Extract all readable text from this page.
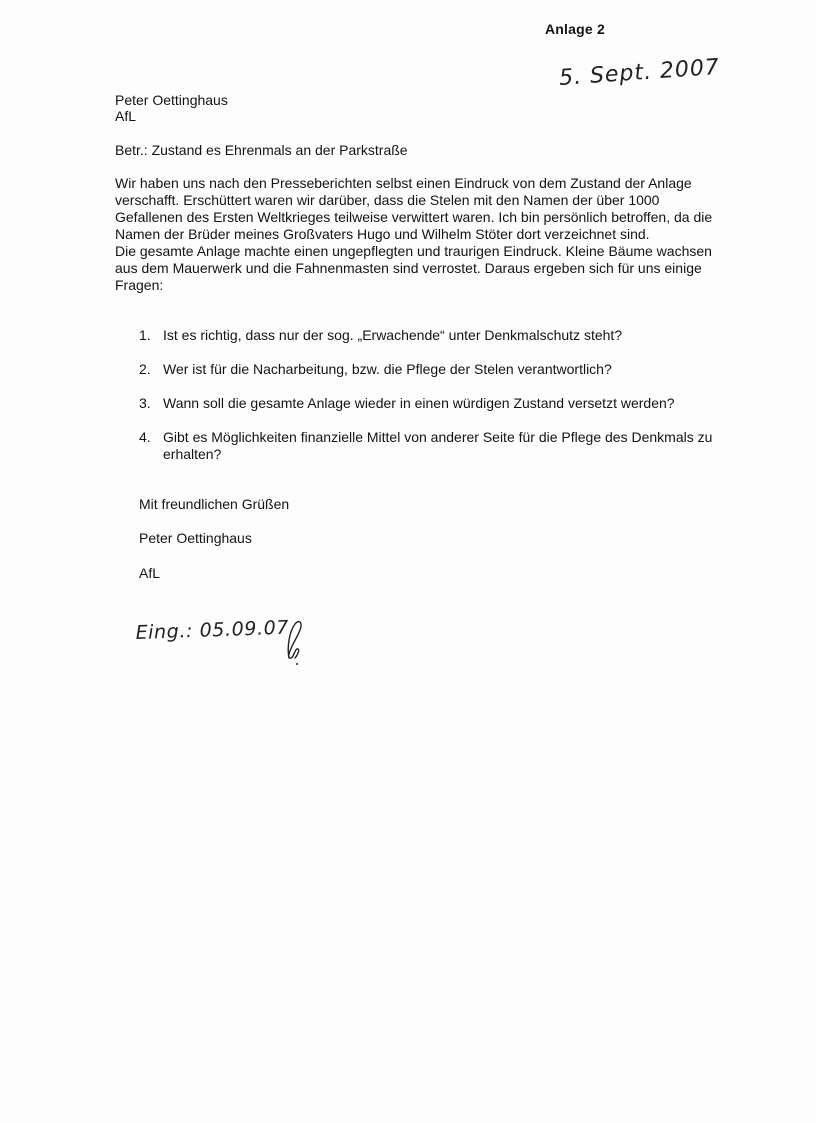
Anlage 2
5. Sept. 2007
Peter Oettinghaus
AfL
Betr.: Zustand es Ehrenmals an der Parkstraße

Wir haben uns nach den Presseberichten selbst einen Eindruck von dem Zustand der Anlage verschafft. Erschüttert waren wir darüber, dass die Stelen mit den Namen der über 1000 Gefallenen des Ersten Weltkrieges teilweise verwittert waren. Ich bin persönlich betroffen, da die Namen der Brüder meines Großvaters Hugo und Wilhelm Stöter dort verzeichnet sind.

Die gesamte Anlage machte einen ungepflegten und traurigen Eindruck. Kleine Bäume wachsen aus dem Mauerwerk und die Fahnenmasten sind verrostet. Daraus ergeben sich für uns einige Fragen:

1. Ist es richtig, dass nur der sog. „Erwachende“ unter Denkmalschutz steht?
2. Wer ist für die Nacharbeitung, bzw. die Pflege der Stelen verantwortlich?
3. Wann soll die gesamte Anlage wieder in einen würdigen Zustand versetzt werden?
4. Gibt es Möglichkeiten finanzielle Mittel von anderer Seite für die Pflege des Denkmals zu erhalten?
Mit freundlichen Grüßen
Peter Oettinghaus
AfL
Eing.: 05.09.07
